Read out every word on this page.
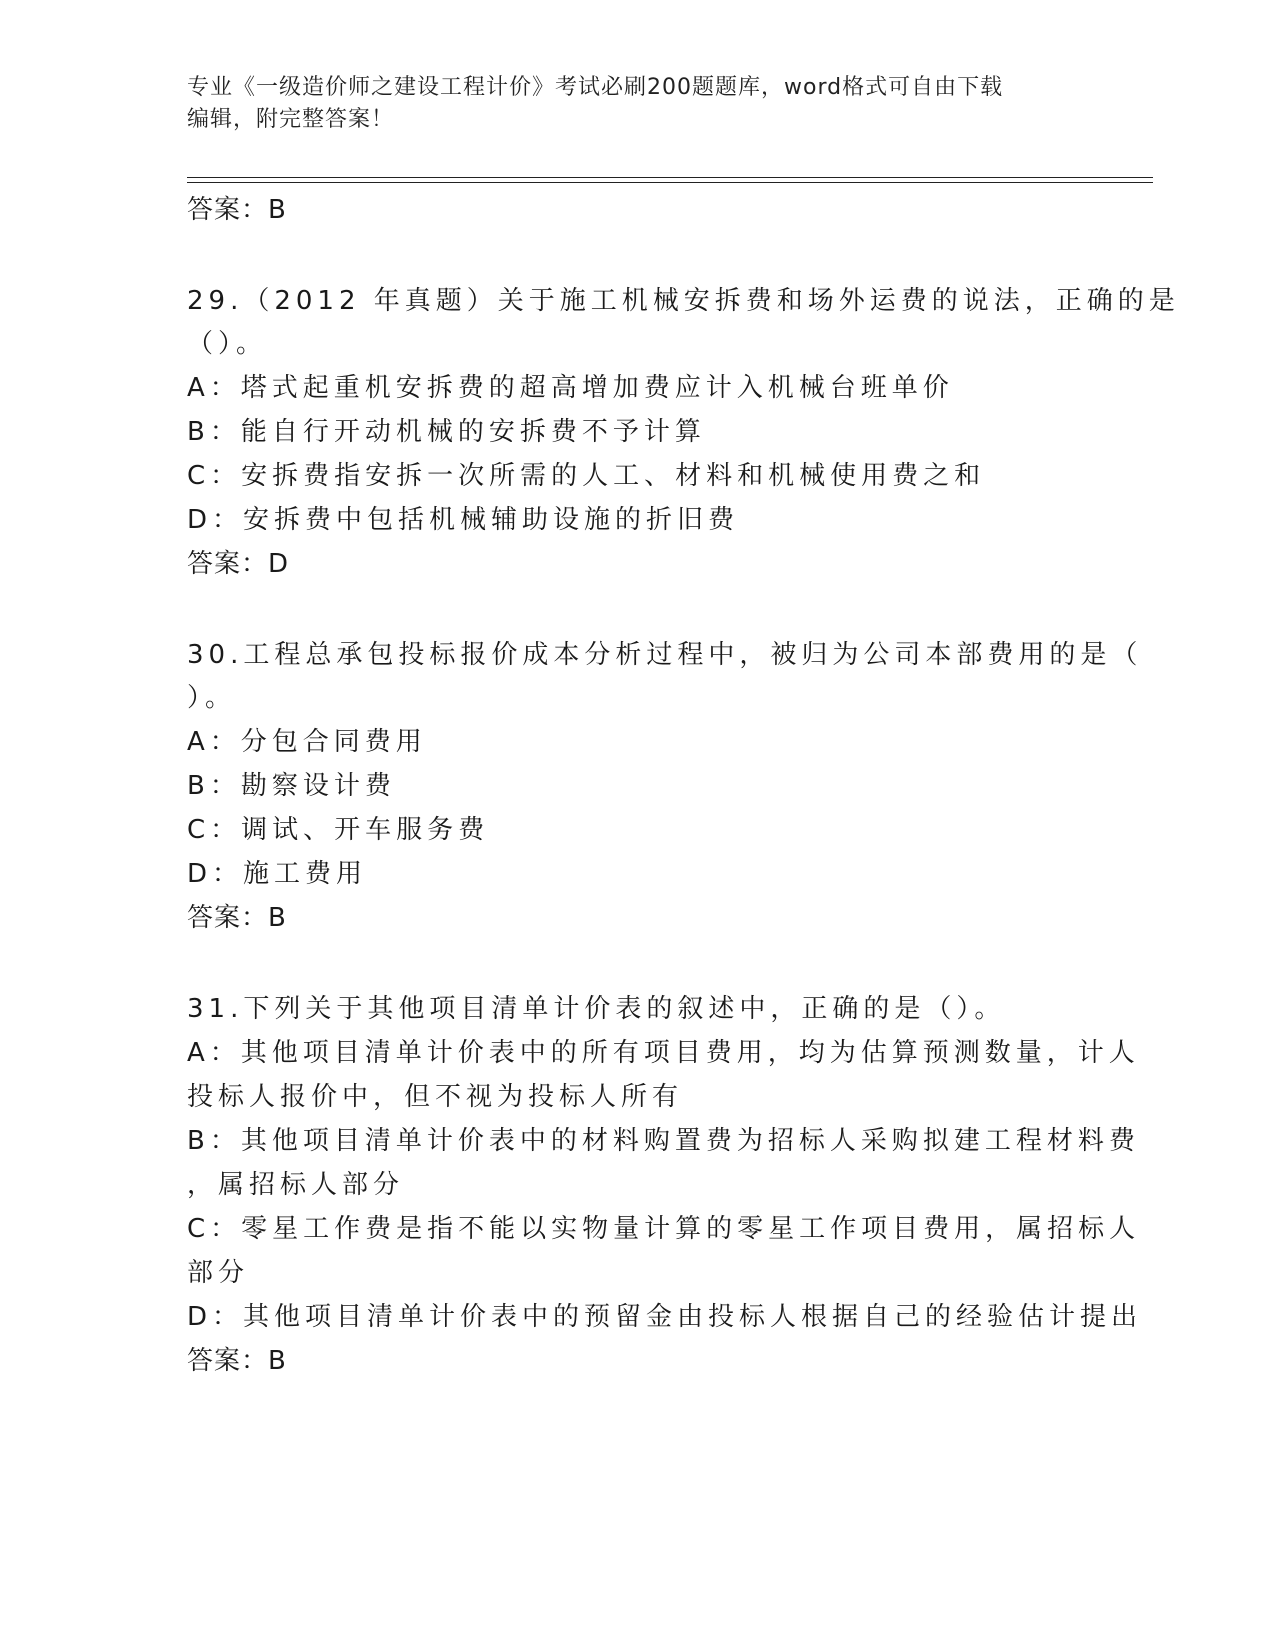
专业《一级造价师之建设工程计价》考试必刷200题题库，word格式可自由下载
编辑，附完整答案！
答案：B
29.（2012 年真题）关于施工机械安拆费和场外运费的说法，正确的是
（）。
A：塔式起重机安拆费的超高增加费应计入机械台班单价
B：能自行开动机械的安拆费不予计算
C：安拆费指安拆一次所需的人工、材料和机械使用费之和
D：安拆费中包括机械辅助设施的折旧费
答案：D
30.工程总承包投标报价成本分析过程中，被归为公司本部费用的是（
）。
A：分包合同费用
B：勘察设计费
C：调试、开车服务费
D：施工费用
答案：B
31.下列关于其他项目清单计价表的叙述中，正确的是（）。
A：其他项目清单计价表中的所有项目费用，均为估算预测数量，计人
投标人报价中，但不视为投标人所有
B：其他项目清单计价表中的材料购置费为招标人采购拟建工程材料费
，属招标人部分
C：零星工作费是指不能以实物量计算的零星工作项目费用，属招标人
部分
D：其他项目清单计价表中的预留金由投标人根据自己的经验估计提出
答案：B
